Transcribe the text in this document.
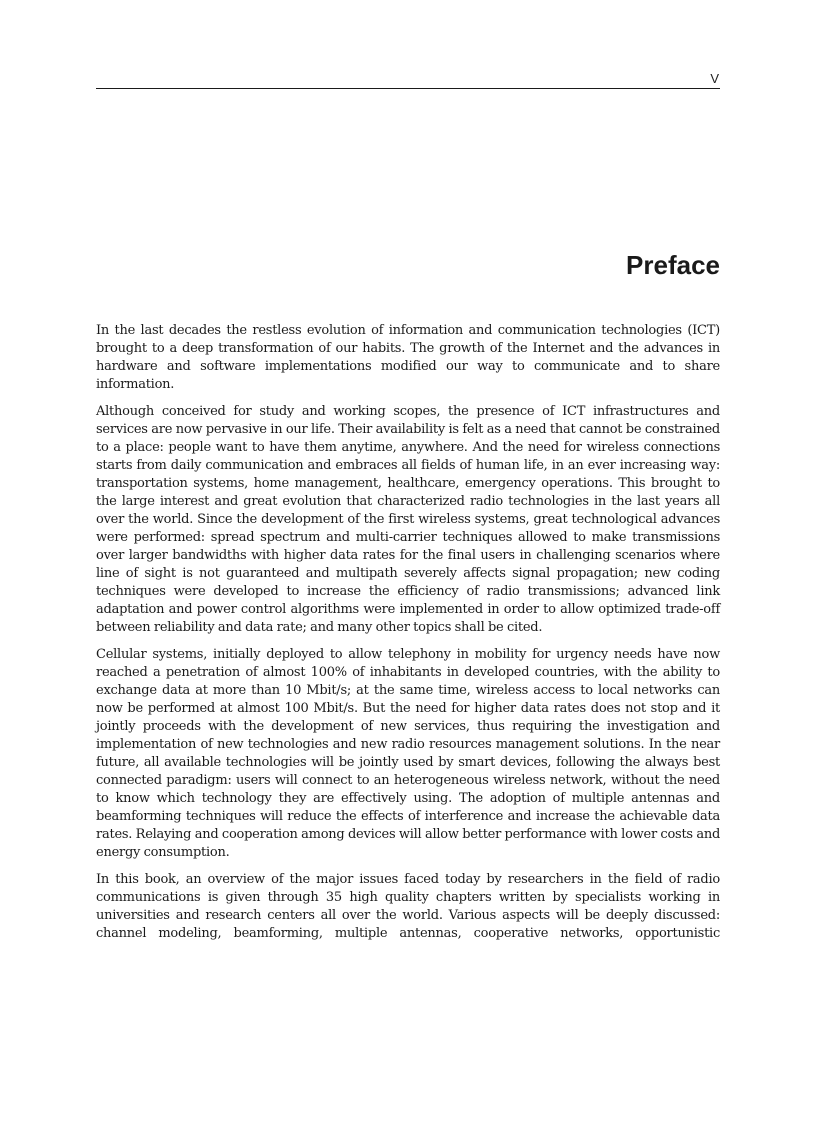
V
Preface

In the last decades the restless evolution of information and communication technologies (ICT) brought to a deep transformation of our habits. The growth of the Internet and the advances in hardware and software implementations modified our way to communicate and to share information.

Although conceived for study and working scopes, the presence of ICT infrastructures and services are now pervasive in our life. Their availability is felt as a need that cannot be constrained to a place: people want to have them anytime, anywhere. And the need for wireless connections starts from daily communication and embraces all fields of human life, in an ever increasing way: transportation systems, home management, healthcare, emergency operations. This brought to the large interest and great evolution that characterized radio technologies in the last years all over the world. Since the development of the first wireless systems, great technological advances were performed: spread spectrum and multi-carrier techniques allowed to make transmissions over larger bandwidths with higher data rates for the final users in challenging scenarios where line of sight is not guaranteed and multipath severely affects signal propagation; new coding techniques were developed to increase the efficiency of radio transmissions; advanced link adaptation and power control algorithms were implemented in order to allow optimized trade-off between reliability and data rate; and many other topics shall be cited.

Cellular systems, initially deployed to allow telephony in mobility for urgency needs have now reached a penetration of almost 100% of inhabitants in developed countries, with the ability to exchange data at more than 10 Mbit/s; at the same time, wireless access to local networks can now be performed at almost 100 Mbit/s. But the need for higher data rates does not stop and it jointly proceeds with the development of new services, thus requiring the investigation and implementation of new technologies and new radio resources management solutions. In the near future, all available technologies will be jointly used by smart devices, following the always best connected paradigm: users will connect to an heterogeneous wireless network, without the need to know which technology they are effectively using. The adoption of multiple antennas and beamforming techniques will reduce the effects of interference and increase the achievable data rates. Relaying and cooperation among devices will allow better performance with lower costs and energy consumption.

In this book, an overview of the major issues faced today by researchers in the field of radio communications is given through 35 high quality chapters written by specialists working in universities and research centers all over the world. Various aspects will be deeply discussed: channel modeling, beamforming, multiple antennas, cooperative networks, opportunistic
